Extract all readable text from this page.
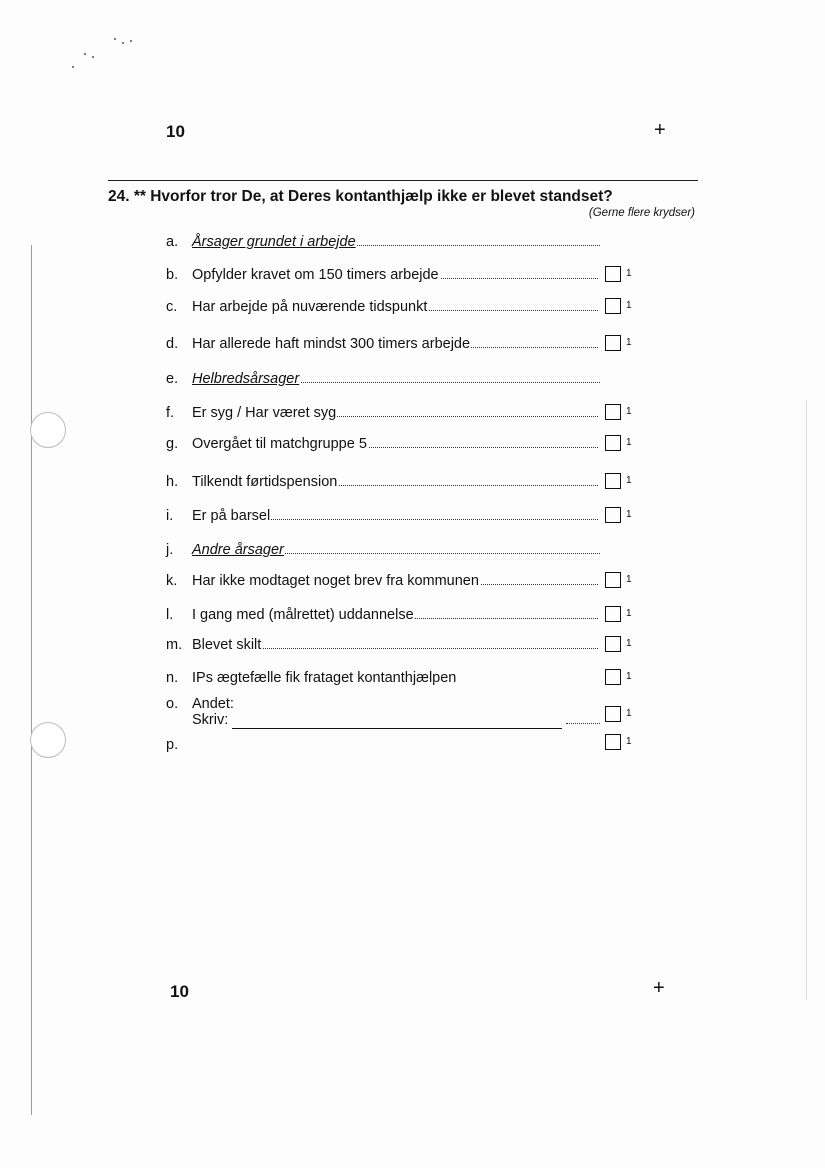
10	+
24. ** Hvorfor tror De, at Deres kontanthjælp ikke er blevet standset?
(Gerne flere krydser)
a. Årsager grundet i arbejde
b. Opfylder kravet om 150 timers arbejde	1
c. Har arbejde på nuværende tidspunkt	1
d. Har allerede haft mindst 300 timers arbejde	1
e. Helbredsårsager
f. Er syg / Har været syg	1
g. Overgået til matchgruppe 5	1
h. Tilkendt førtidspension	1
i. Er på barsel	1
j. Andre årsager
k. Har ikke modtaget noget brev fra kommunen	1
l. I gang med (målrettet) uddannelse	1
m. Blevet skilt	1
n. IPs ægtefælle fik frataget kontanthjælpen	1
o. Andet:
Skriv:	1
p.	1
10	+
